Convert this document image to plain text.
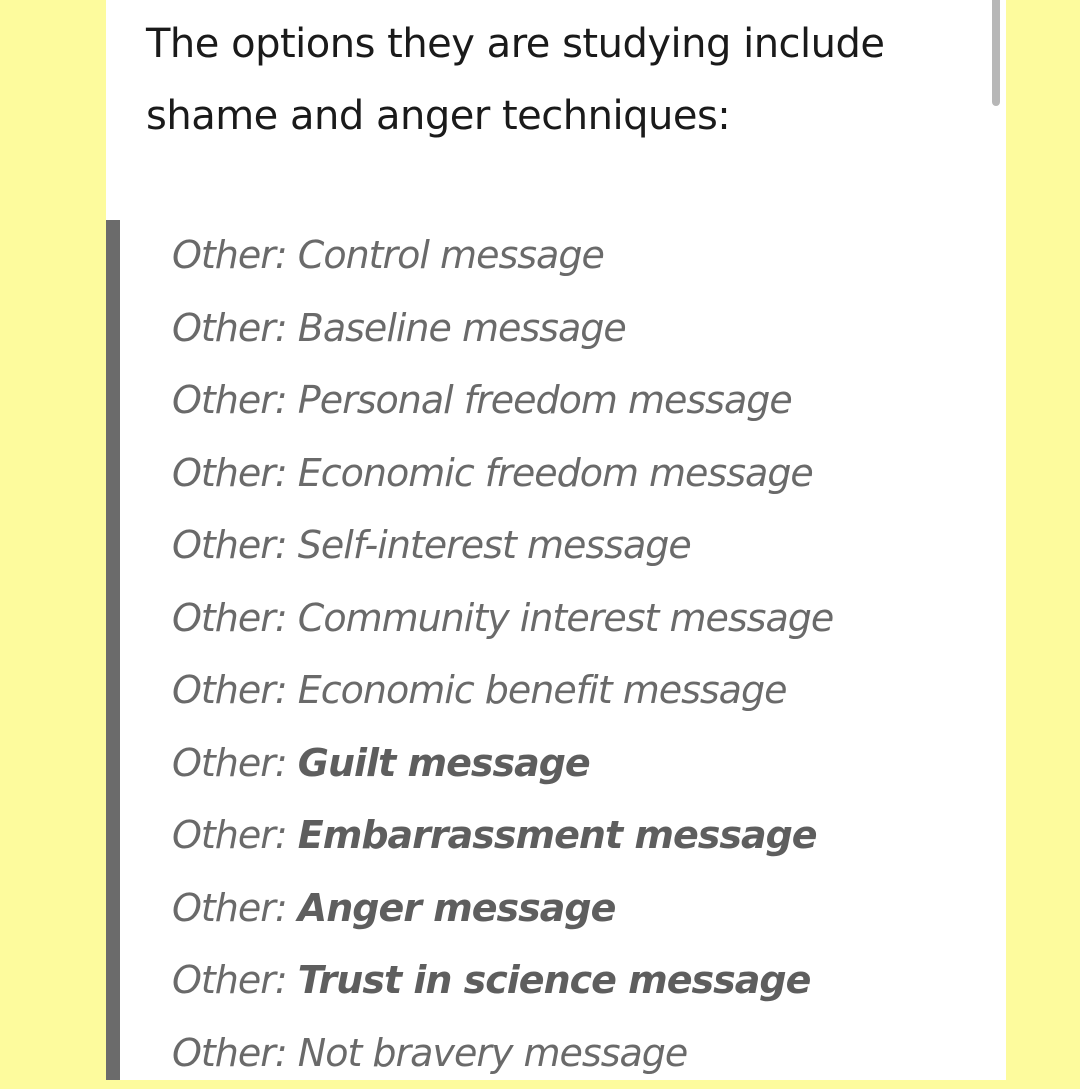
The options they are studying include shame and anger techniques:

Other: Control message
Other: Baseline message
Other: Personal freedom message
Other: Economic freedom message
Other: Self-interest message
Other: Community interest message
Other: Economic benefit message
Other: Guilt message
Other: Embarrassment message
Other: Anger message
Other: Trust in science message
Other: Not bravery message
